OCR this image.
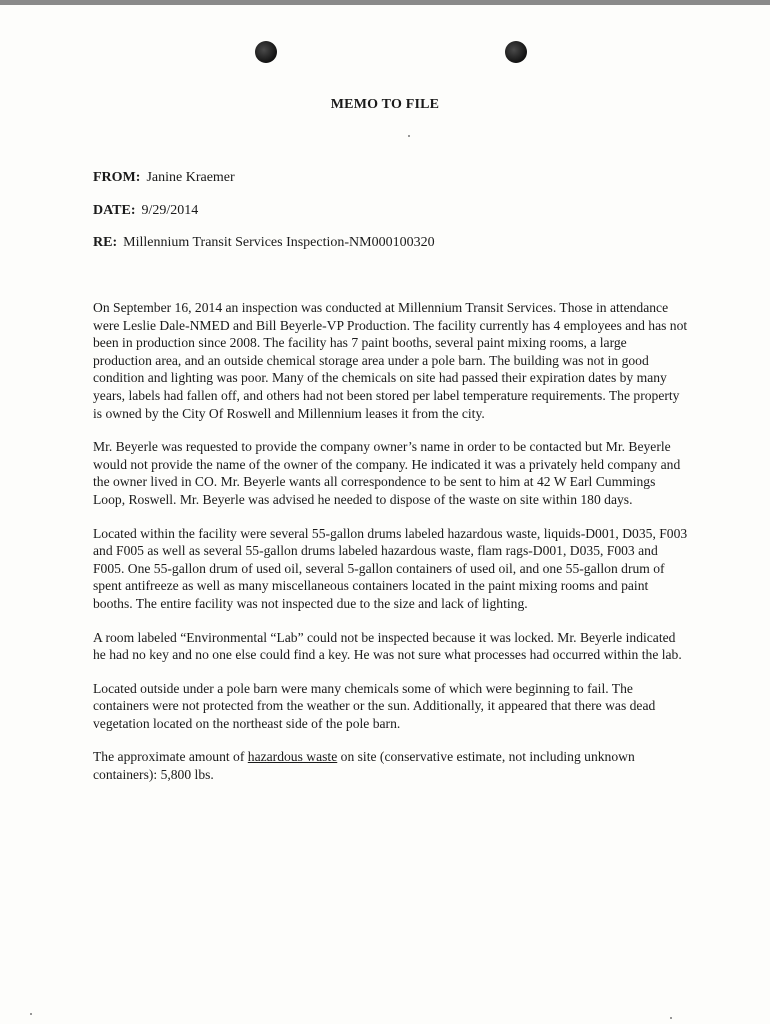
MEMO TO FILE
FROM: Janine Kraemer
DATE: 9/29/2014
RE: Millennium Transit Services Inspection-NM000100320

On September 16, 2014 an inspection was conducted at Millennium Transit Services. Those in attendance were Leslie Dale-NMED and Bill Beyerle-VP Production. The facility currently has 4 employees and has not been in production since 2008. The facility has 7 paint booths, several paint mixing rooms, a large production area, and an outside chemical storage area under a pole barn. The building was not in good condition and lighting was poor. Many of the chemicals on site had passed their expiration dates by many years, labels had fallen off, and others had not been stored per label temperature requirements. The property is owned by the City Of Roswell and Millennium leases it from the city.

Mr. Beyerle was requested to provide the company owner’s name in order to be contacted but Mr. Beyerle would not provide the name of the owner of the company. He indicated it was a privately held company and the owner lived in CO. Mr. Beyerle wants all correspondence to be sent to him at 42 W Earl Cummings Loop, Roswell. Mr. Beyerle was advised he needed to dispose of the waste on site within 180 days.

Located within the facility were several 55-gallon drums labeled hazardous waste, liquids-D001, D035, F003 and F005 as well as several 55-gallon drums labeled hazardous waste, flam rags-D001, D035, F003 and F005. One 55-gallon drum of used oil, several 5-gallon containers of used oil, and one 55-gallon drum of spent antifreeze as well as many miscellaneous containers located in the paint mixing rooms and paint booths. The entire facility was not inspected due to the size and lack of lighting.

A room labeled “Environmental “Lab” could not be inspected because it was locked. Mr. Beyerle indicated he had no key and no one else could find a key. He was not sure what processes had occurred within the lab.

Located outside under a pole barn were many chemicals some of which were beginning to fail. The containers were not protected from the weather or the sun. Additionally, it appeared that there was dead vegetation located on the northeast side of the pole barn.

The approximate amount of hazardous waste on site (conservative estimate, not including unknown containers): 5,800 lbs.
